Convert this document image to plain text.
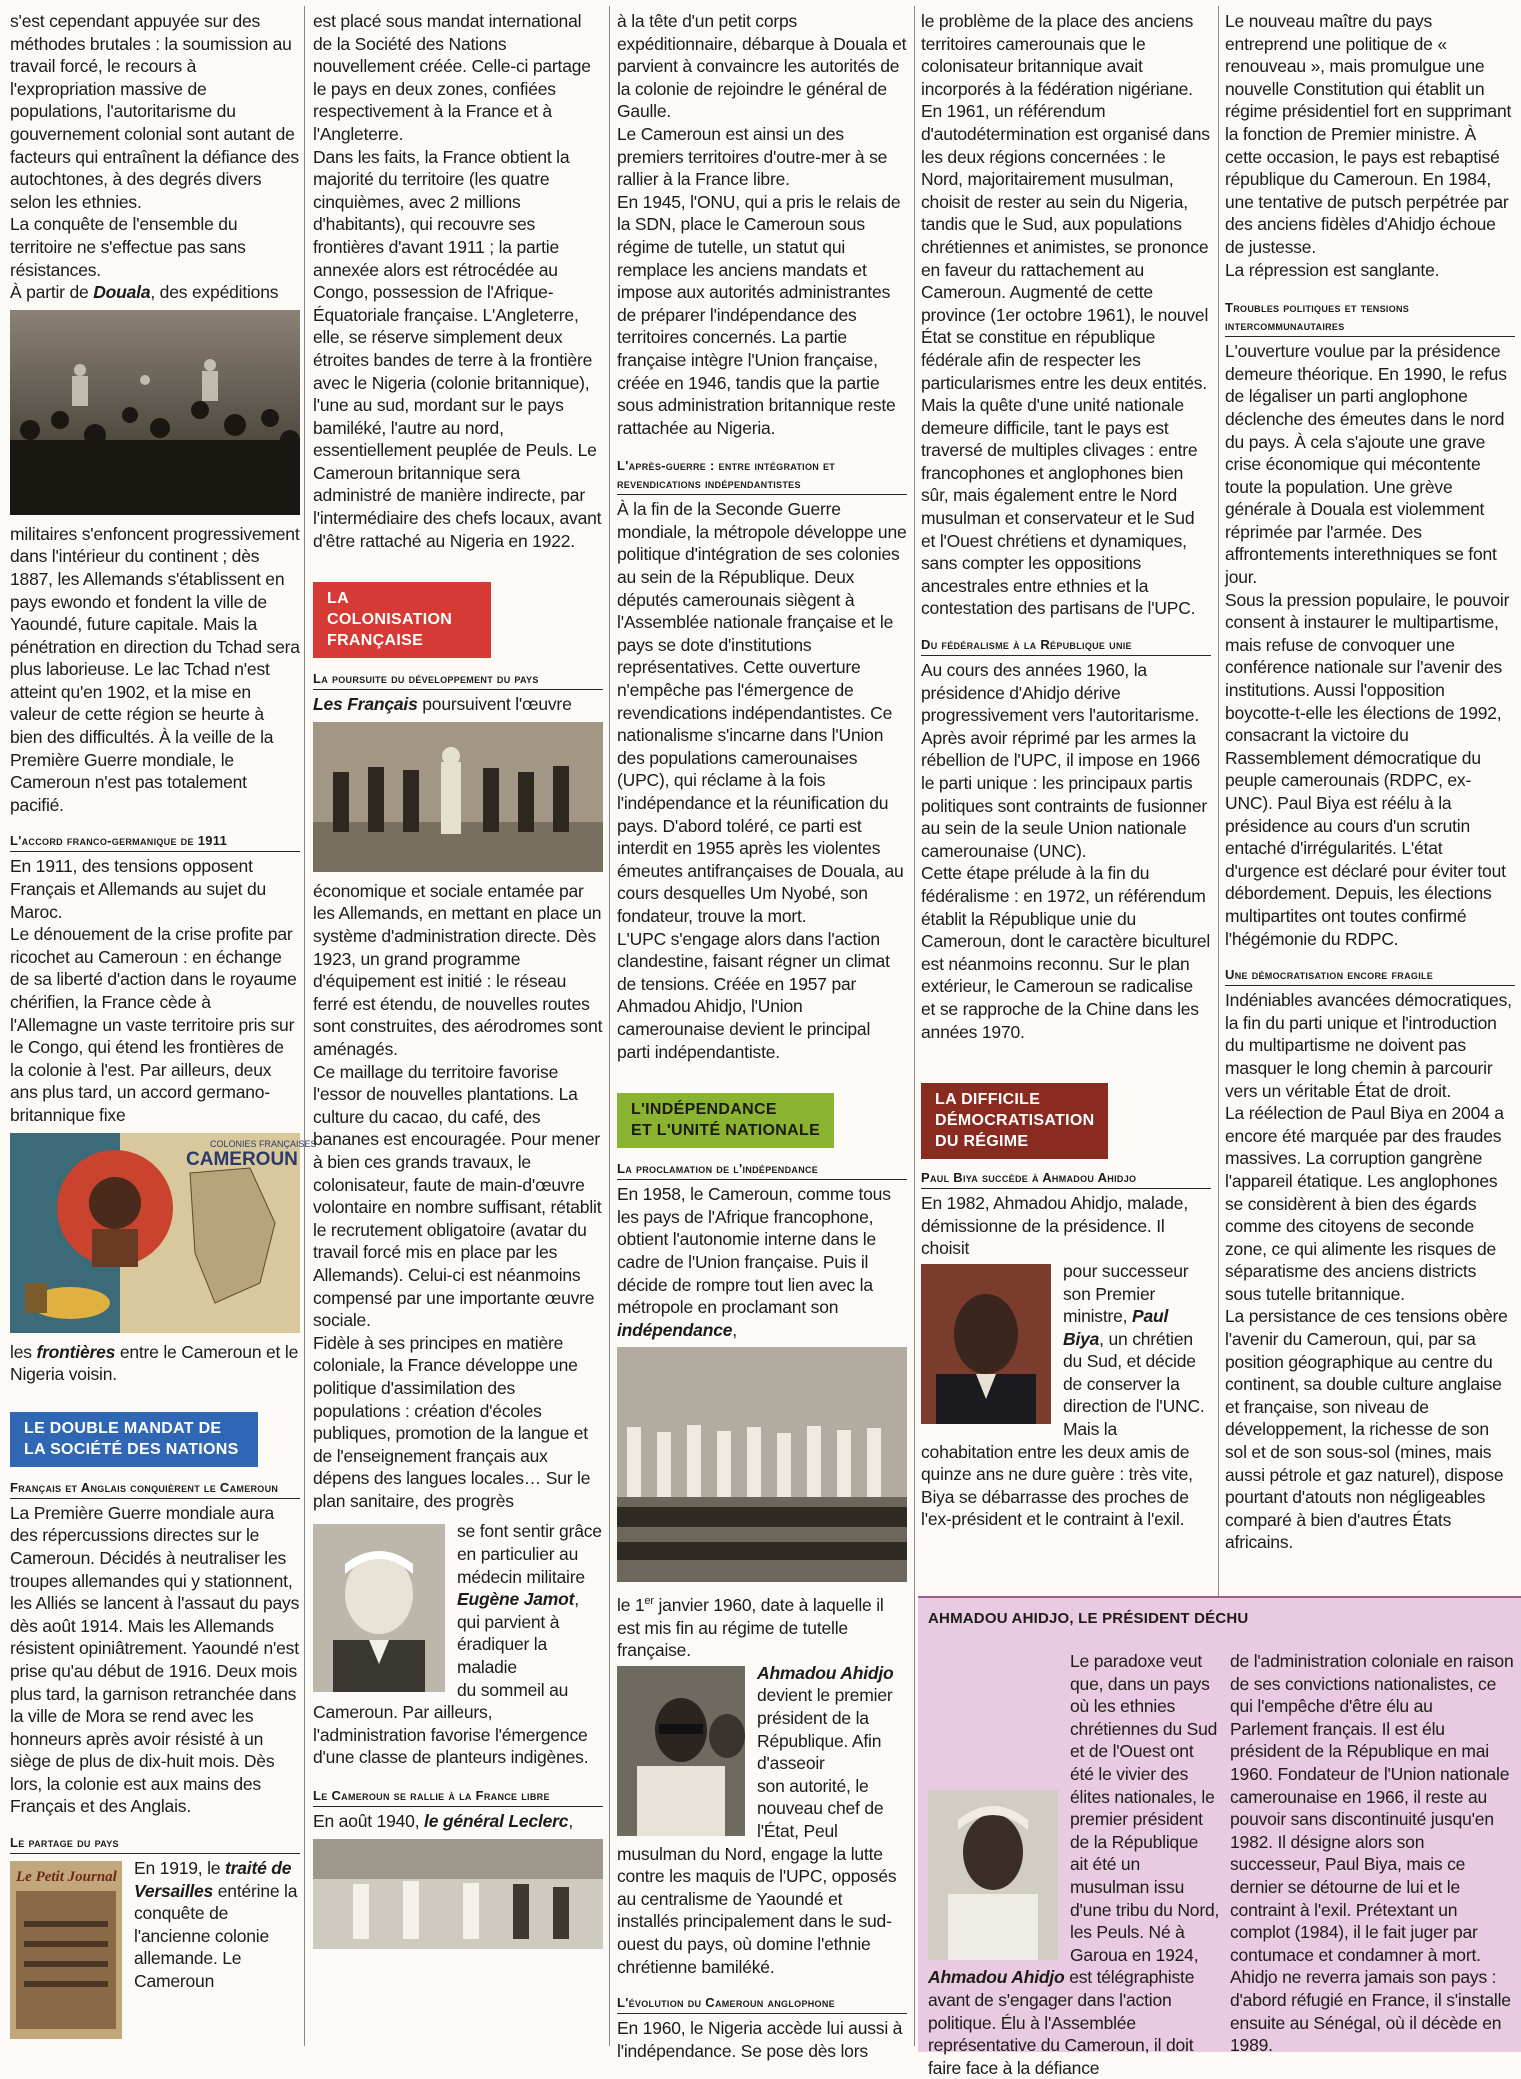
s'est cependant appuyée sur des méthodes brutales : la soumission au travail forcé, le recours à l'expropriation massive de populations, l'autoritarisme du gouvernement colonial sont autant de facteurs qui entraînent la défiance des autochtones, à des degrés divers selon les ethnies.

La conquête de l'ensemble du territoire ne s'effectue pas sans résistances.

À partir de Douala, des expéditions

militaires s'enfoncent progressivement dans l'intérieur du continent ; dès 1887, les Allemands s'établissent en pays ewondo et fondent la ville de Yaoundé, future capitale. Mais la pénétration en direction du Tchad sera plus laborieuse. Le lac Tchad n'est atteint qu'en 1902, et la mise en valeur de cette région se heurte à bien des difficultés. À la veille de la Première Guerre mondiale, le Cameroun n'est pas totalement pacifié.

L'accord franco-germanique de 1911

En 1911, des tensions opposent Français et Allemands au sujet du Maroc.

Le dénouement de la crise profite par ricochet au Cameroun : en échange de sa liberté d'action dans le royaume chérifien, la France cède à l'Allemagne un vaste territoire pris sur le Congo, qui étend les frontières de la colonie à l'est. Par ailleurs, deux ans plus tard, un accord germano-britannique fixe

COLONIES FRANÇAISES
CAMEROUN

les frontières entre le Cameroun et le Nigeria voisin.

LE DOUBLE MANDAT DE LA SOCIÉTÉ DES NATIONS
Français et Anglais conquièrent le Cameroun

La Première Guerre mondiale aura des répercussions directes sur le Cameroun. Décidés à neutraliser les troupes allemandes qui y stationnent, les Alliés se lancent à l'assaut du pays dès août 1914. Mais les Allemands résistent opiniâtrement. Yaoundé n'est prise qu'au début de 1916. Deux mois plus tard, la garnison retranchée dans la ville de Mora se rend avec les honneurs après avoir résisté à un siège de plus de dix-huit mois. Dès lors, la colonie est aux mains des Français et des Anglais.

Le partage du pays
Le Petit Journal En 1919, le traité de Versailles entérine la conquête de l'ancienne colonie allemande. Le Cameroun

est placé sous mandat international de la Société des Nations nouvellement créée. Celle-ci partage le pays en deux zones, confiées respectivement à la France et à l'Angleterre.

Dans les faits, la France obtient la majorité du territoire (les quatre cinquièmes, avec 2 millions d'habitants), qui recouvre ses frontières d'avant 1911 ; la partie annexée alors est rétrocédée au Congo, possession de l'Afrique-Équatoriale française. L'Angleterre, elle, se réserve simplement deux étroites bandes de terre à la frontière avec le Nigeria (colonie britannique), l'une au sud, mordant sur le pays bamiléké, l'autre au nord, essentiellement peuplée de Peuls. Le Cameroun britannique sera administré de manière indirecte, par l'intermédiaire des chefs locaux, avant d'être rattaché au Nigeria en 1922.

LA COLONISATION FRANÇAISE
La poursuite du développement du pays

Les Français poursuivent l'œuvre

économique et sociale entamée par les Allemands, en mettant en place un système d'administration directe. Dès 1923, un grand programme d'équipement est initié : le réseau ferré est étendu, de nouvelles routes sont construites, des aérodromes sont aménagés.

Ce maillage du territoire favorise l'essor de nouvelles plantations. La culture du cacao, du café, des bananes est encouragée. Pour mener à bien ces grands travaux, le colonisateur, faute de main-d'œuvre volontaire en nombre suffisant, rétablit le recrutement obligatoire (avatar du travail forcé mis en place par les Allemands). Celui-ci est néanmoins compensé par une importante œuvre sociale.

Fidèle à ses principes en matière coloniale, la France développe une politique d'assimilation des populations : création d'écoles publiques, promotion de la langue et de l'enseignement français aux dépens des langues locales… Sur le plan sanitaire, des progrès

se font sentir grâce en particulier au médecin militaire Eugène Jamot, qui parvient à éradiquer la maladie

du sommeil au Cameroun. Par ailleurs, l'administration favorise l'émergence d'une classe de planteurs indigènes.

Le Cameroun se rallie à la France libre

En août 1940, le général Leclerc,

à la tête d'un petit corps expéditionnaire, débarque à Douala et parvient à convaincre les autorités de la colonie de rejoindre le général de Gaulle.

Le Cameroun est ainsi un des premiers territoires d'outre-mer à se rallier à la France libre.

En 1945, l'ONU, qui a pris le relais de la SDN, place le Cameroun sous régime de tutelle, un statut qui remplace les anciens mandats et impose aux autorités administrantes de préparer l'indépendance des territoires concernés. La partie française intègre l'Union française, créée en 1946, tandis que la partie sous administration britannique reste rattachée au Nigeria.

L'après-guerre : entre intégration et revendications indépendantistes

À la fin de la Seconde Guerre mondiale, la métropole développe une politique d'intégration de ses colonies au sein de la République. Deux députés camerounais siègent à l'Assemblée nationale française et le pays se dote d'institutions représentatives. Cette ouverture n'empêche pas l'émergence de revendications indépendantistes. Ce nationalisme s'incarne dans l'Union des populations camerounaises (UPC), qui réclame à la fois l'indépendance et la réunification du pays. D'abord toléré, ce parti est interdit en 1955 après les violentes émeutes antifrançaises de Douala, au cours desquelles Um Nyobé, son fondateur, trouve la mort.

L'UPC s'engage alors dans l'action clandestine, faisant régner un climat de tensions. Créée en 1957 par Ahmadou Ahidjo, l'Union camerounaise devient le principal parti indépendantiste.

L'INDÉPENDANCE
ET L'UNITÉ NATIONALE
La proclamation de l'indépendance

En 1958, le Cameroun, comme tous les pays de l'Afrique francophone, obtient l'autonomie interne dans le cadre de l'Union française. Puis il décide de rompre tout lien avec la métropole en proclamant son indépendance,

le 1er janvier 1960, date à laquelle il est mis fin au régime de tutelle française.

Ahmadou Ahidjo devient le premier président de la République. Afin d'asseoir

son autorité, le nouveau chef de l'État, Peul musulman du Nord, engage la lutte contre les maquis de l'UPC, opposés au centralisme de Yaoundé et installés principalement dans le sud-ouest du pays, où domine l'ethnie chrétienne bamiléké.

L'évolution du Cameroun anglophone

En 1960, le Nigeria accède lui aussi à l'indépendance. Se pose dès lors

le problème de la place des anciens territoires camerounais que le colonisateur britannique avait incorporés à la fédération nigériane.

En 1961, un référendum d'autodétermination est organisé dans les deux régions concernées : le Nord, majoritairement musulman, choisit de rester au sein du Nigeria, tandis que le Sud, aux populations chrétiennes et animistes, se prononce en faveur du rattachement au Cameroun. Augmenté de cette province (1er octobre 1961), le nouvel État se constitue en république fédérale afin de respecter les particularismes entre les deux entités. Mais la quête d'une unité nationale demeure difficile, tant le pays est traversé de multiples clivages : entre francophones et anglophones bien sûr, mais également entre le Nord musulman et conservateur et le Sud et l'Ouest chrétiens et dynamiques, sans compter les oppositions ancestrales entre ethnies et la contestation des partisans de l'UPC.

Du fédéralisme à la République unie

Au cours des années 1960, la présidence d'Ahidjo dérive progressivement vers l'autoritarisme. Après avoir réprimé par les armes la rébellion de l'UPC, il impose en 1966 le parti unique : les principaux partis politiques sont contraints de fusionner au sein de la seule Union nationale camerounaise (UNC).

Cette étape prélude à la fin du fédéralisme : en 1972, un référendum établit la République unie du Cameroun, dont le caractère biculturel est néanmoins reconnu. Sur le plan extérieur, le Cameroun se radicalise et se rapproche de la Chine dans les années 1970.

LA DIFFICILE
DÉMOCRATISATION
DU RÉGIME
Paul Biya succède à Ahmadou Ahidjo

En 1982, Ahmadou Ahidjo, malade, démissionne de la présidence. Il choisit

pour successeur son Premier ministre, Paul Biya, un chrétien du Sud, et décide de conserver la direction de l'UNC.

Mais la cohabitation entre les deux amis de quinze ans ne dure guère : très vite, Biya se débarrasse des proches de l'ex-président et le contraint à l'exil.

Le nouveau maître du pays entreprend une politique de « renouveau », mais promulgue une nouvelle Constitution qui établit un régime présidentiel fort en supprimant la fonction de Premier ministre. À cette occasion, le pays est rebaptisé république du Cameroun. En 1984, une tentative de putsch perpétrée par des anciens fidèles d'Ahidjo échoue de justesse.

La répression est sanglante.

Troubles politiques et tensions intercommunautaires

L'ouverture voulue par la présidence demeure théorique. En 1990, le refus de légaliser un parti anglophone déclenche des émeutes dans le nord du pays. À cela s'ajoute une grave crise économique qui mécontente toute la population. Une grève générale à Douala est violemment réprimée par l'armée. Des affrontements interethniques se font jour.

Sous la pression populaire, le pouvoir consent à instaurer le multipartisme, mais refuse de convoquer une conférence nationale sur l'avenir des institutions. Aussi l'opposition boycotte-t-elle les élections de 1992, consacrant la victoire du Rassemblement démocratique du peuple camerounais (RDPC, ex-UNC). Paul Biya est réélu à la présidence au cours d'un scrutin entaché d'irrégularités. L'état d'urgence est déclaré pour éviter tout débordement. Depuis, les élections multipartites ont toutes confirmé l'hégémonie du RDPC.

Une démocratisation encore fragile

Indéniables avancées démocratiques, la fin du parti unique et l'introduction du multipartisme ne doivent pas masquer le long chemin à parcourir vers un véritable État de droit.

La réélection de Paul Biya en 2004 a encore été marquée par des fraudes massives. La corruption gangrène l'appareil étatique. Les anglophones se considèrent à bien des égards comme des citoyens de seconde zone, ce qui alimente les risques de séparatisme des anciens districts sous tutelle britannique.

La persistance de ces tensions obère l'avenir du Cameroun, qui, par sa position géographique au centre du continent, sa double culture anglaise et française, son niveau de développement, la richesse de son sol et de son sous-sol (mines, mais aussi pétrole et gaz naturel), dispose pourtant d'atouts non négligeables comparé à bien d'autres États africains.

AHMADOU AHIDJO, LE PRÉSIDENT DÉCHU

Le paradoxe veut que, dans un pays où les ethnies chrétiennes du Sud et de l'Ouest ont été le vivier des élites nationales, le premier président de la République ait été un musulman issu d'une tribu du Nord, les Peuls. Né à Garoua en 1924, Ahmadou Ahidjo est télégraphiste avant de s'engager dans l'action politique. Élu à l'Assemblée représentative du Cameroun, il doit faire face à la défiance

de l'administration coloniale en raison de ses convictions nationalistes, ce qui l'empêche d'être élu au Parlement français. Il est élu président de la République en mai 1960. Fondateur de l'Union nationale camerounaise en 1966, il reste au pouvoir sans discontinuité jusqu'en 1982. Il désigne alors son successeur, Paul Biya, mais ce dernier se détourne de lui et le contraint à l'exil. Prétextant un complot (1984), il le fait juger par contumace et condamner à mort. Ahidjo ne reverra jamais son pays : d'abord réfugié en France, il s'installe ensuite au Sénégal, où il décède en 1989.
